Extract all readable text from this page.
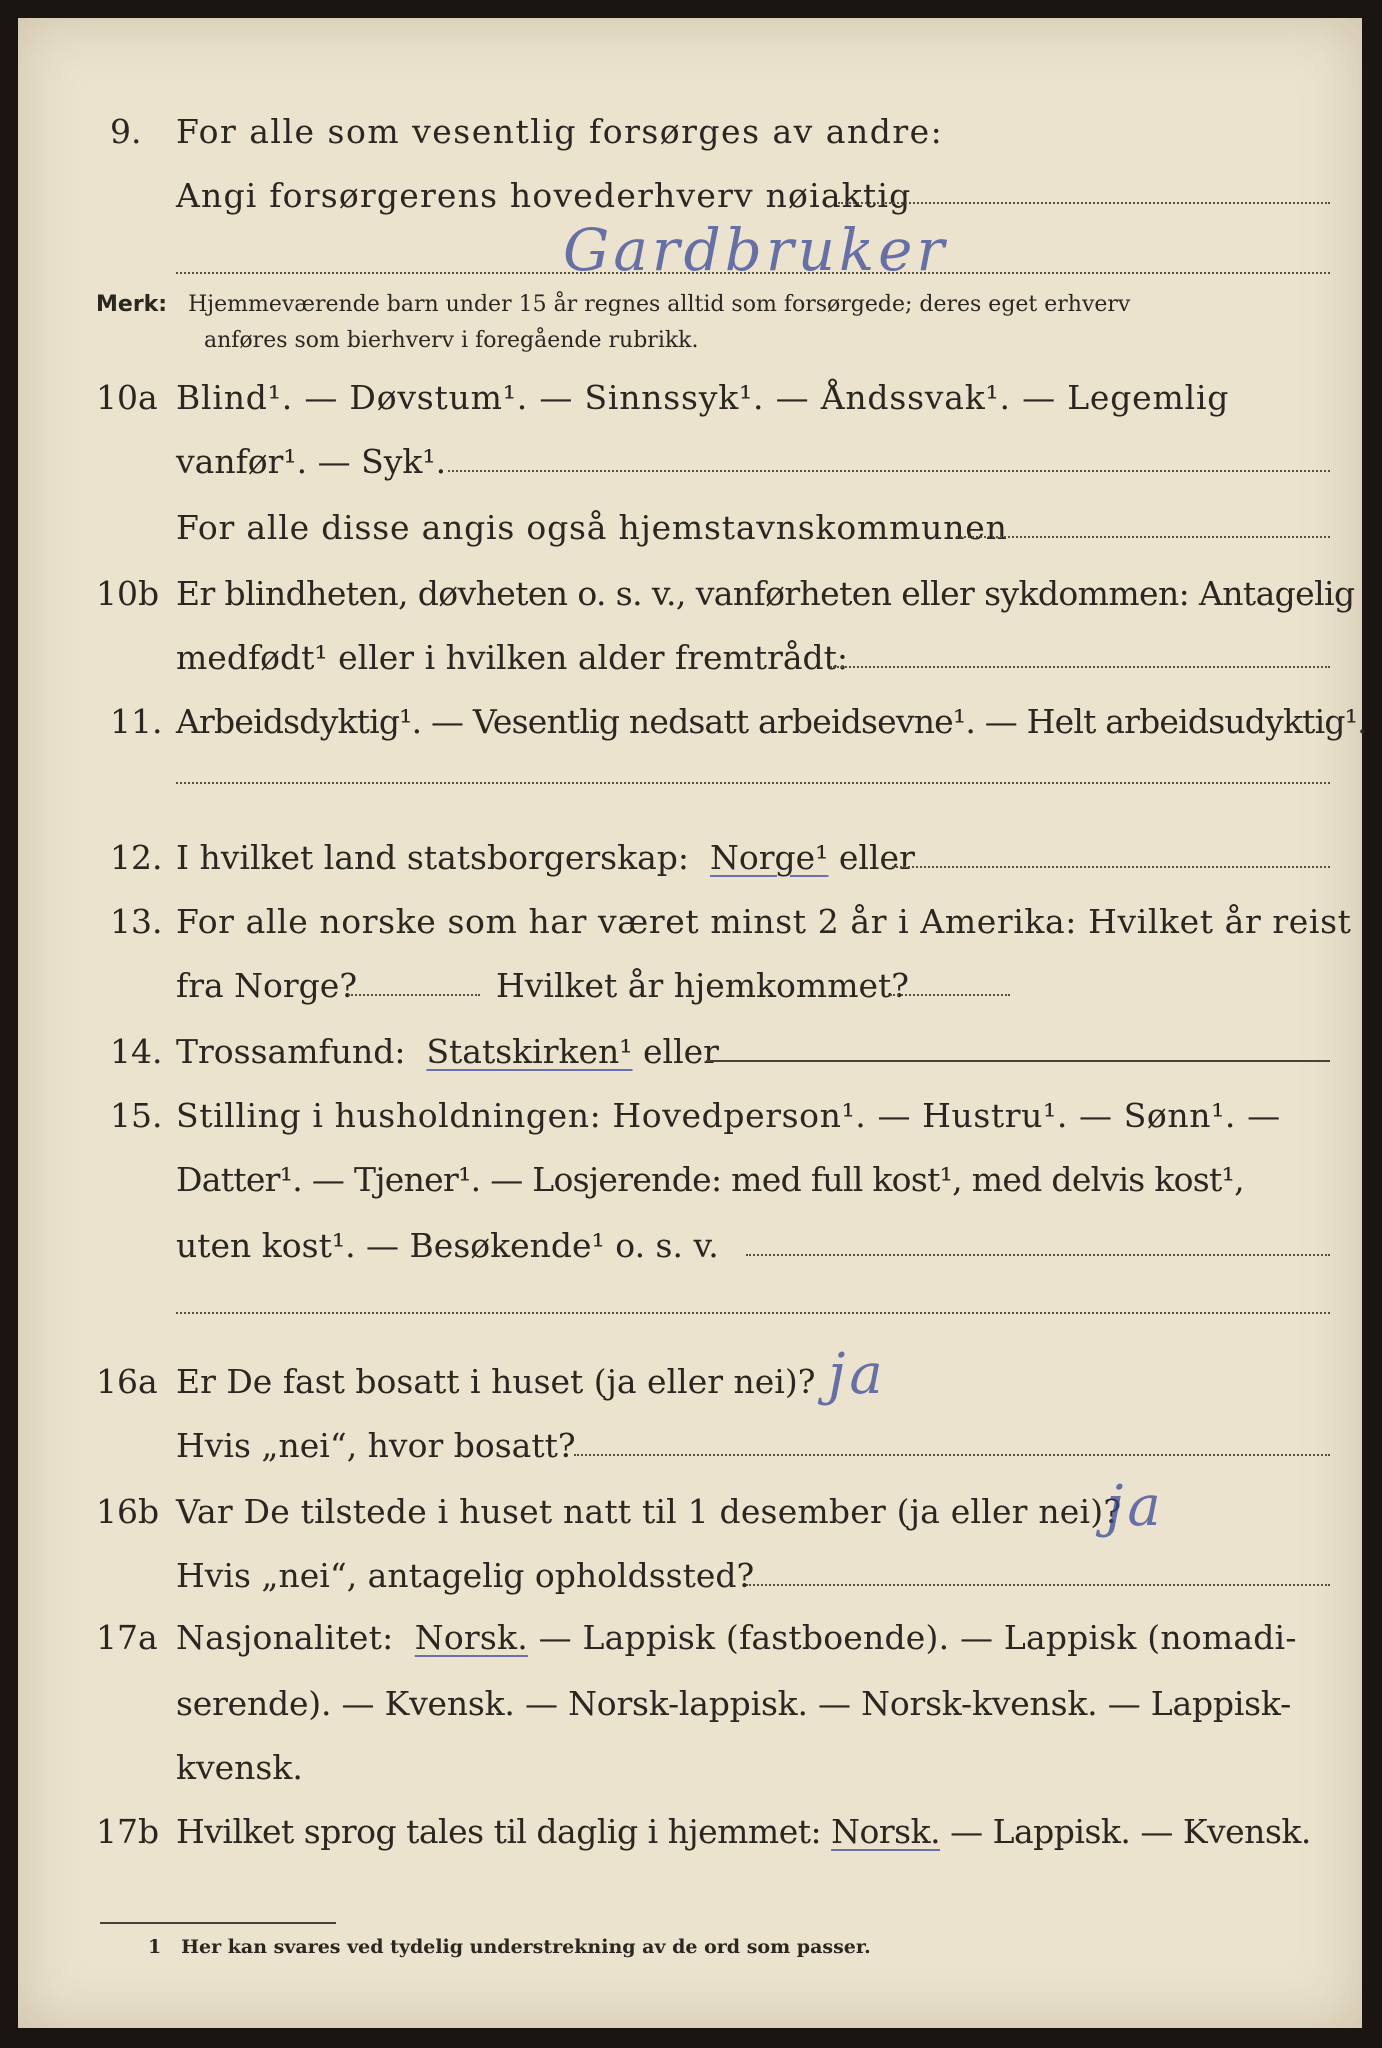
9. For alle som vesentlig forsørges av andre:
Angi forsørgerens hovederhverv nøiaktig
Gardbruker
Merk: Hjemmeværende barn under 15 år regnes alltid som forsørgede; deres eget erhverv
anføres som bierhverv i foregående rubrikk.
10a Blind¹. — Døvstum¹. — Sinnssyk¹. — Åndssvak¹. — Legemlig
vanfør¹. — Syk¹.
For alle disse angis også hjemstavnskommunen
10b Er blindheten, døvheten o. s. v., vanførheten eller sykdommen: Antagelig
medfødt¹ eller i hvilken alder fremtrådt:
11. Arbeidsdyktig¹. — Vesentlig nedsatt arbeidsevne¹. — Helt arbeidsudyktig¹.
12. I hvilket land statsborgerskap: Norge¹ eller
13. For alle norske som har været minst 2 år i Amerika: Hvilket år reist
fra Norge?	Hvilket år hjemkommet?
14. Trossamfund: Statskirken¹ eller
15. Stilling i husholdningen: Hovedperson¹. — Hustru¹. — Sønn¹. —
Datter¹. — Tjener¹. — Losjerende: med full kost¹, med delvis kost¹,
uten kost¹. — Besøkende¹ o. s. v.
16a Er De fast bosatt i huset (ja eller nei)? ja
Hvis „nei“, hvor bosatt?
16b Var De tilstede i huset natt til 1 desember (ja eller nei)?
ja
Hvis „nei“, antagelig opholdssted?
17a Nasjonalitet: Norsk. — Lappisk (fastboende). — Lappisk (nomadi-
serende). — Kvensk. — Norsk-lappisk. — Norsk-kvensk. — Lappisk-
kvensk.
17b Hvilket sprog tales til daglig i hjemmet: Norsk. — Lappisk. — Kvensk.
1 Her kan svares ved tydelig understrekning av de ord som passer.
